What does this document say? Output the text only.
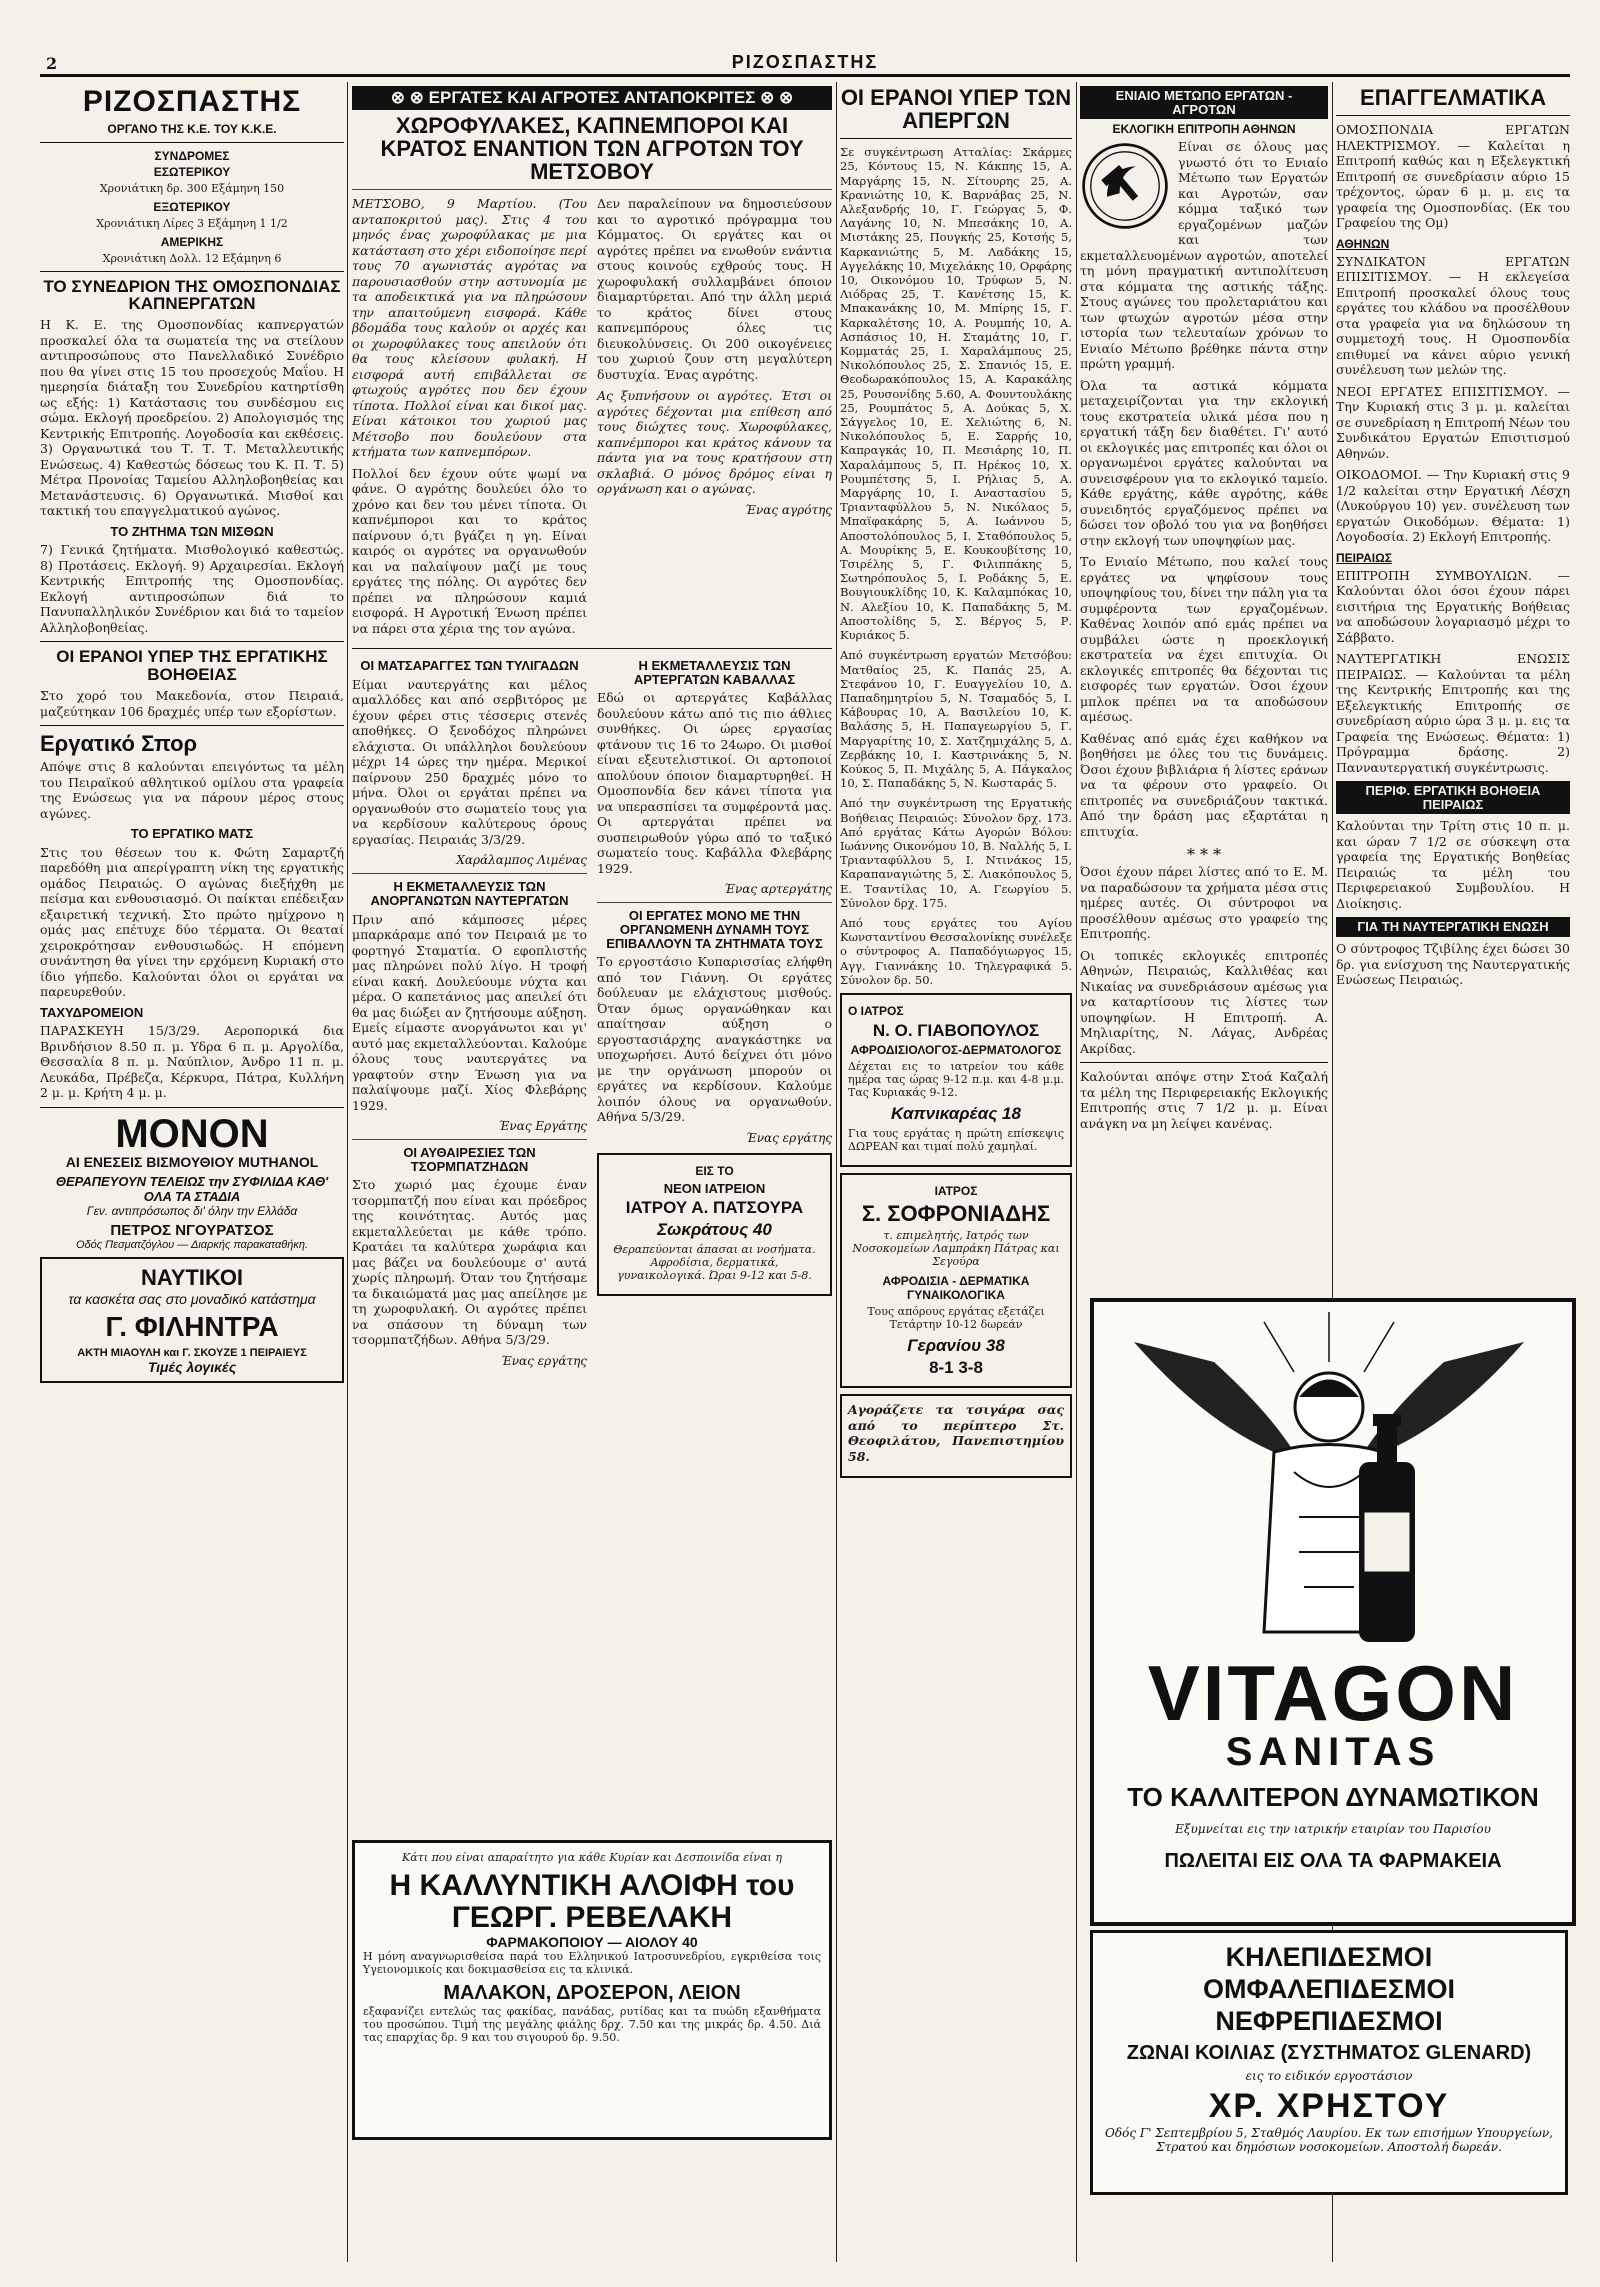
2	ΡΙΖΟΣΠΑΣΤΗΣ
ΡΙΖΟΣΠΑΣΤΗΣ
ΟΡΓΑΝΟ ΤΗΣ Κ.Ε. ΤΟΥ Κ.Κ.Ε.
ΣΥΝΔΡΟΜΕΣ
ΕΣΩΤΕΡΙΚΟΥ
Χρονιάτικη δρ. 300 Εξάμηνη 150
ΕΞΩΤΕΡΙΚΟΥ
Χρονιάτικη Λίρες 3 Εξάμηνη 1 1/2
ΑΜΕΡΙΚΗΣ
Χρονιάτικη Δολλ. 12 Εξάμηνη 6
ΤΟ ΣΥΝΕΔΡΙΟΝ ΤΗΣ ΟΜΟΣΠΟΝΔΙΑΣ ΚΑΠΝΕΡΓΑΤΩΝ

Η Κ. Ε. της Ομοσπονδίας καπνεργατών προσκαλεί όλα τα σωματεία της να στείλουν αντιπροσώπους στο Πανελλαδικό Συνέδριο που θα γίνει στις 15 του προσεχούς Μαΐου. Η ημερησία διάταξη του Συνεδρίου κατηρτίσθη ως εξής: 1) Κατάστασις του συνδέσμου εις σώμα. Εκλογή προεδρείου. 2) Απολογισμός της Κεντρικής Επιτροπής. Λογοδοσία και εκθέσεις. 3) Οργανωτικά του Τ. Τ. Τ. Μεταλλευτικής Ενώσεως. 4) Καθεστώς δόσεως του Κ. Π. Τ. 5) Μέτρα Προνοίας Ταμείου Αλληλοβοηθείας και Μετανάστευσις. 6) Οργανωτικά. Μισθοί και τακτική του επαγγελματικού αγώνος.

ΤΟ ΖΗΤΗΜΑ ΤΩΝ ΜΙΣΘΩΝ

7) Γενικά ζητήματα. Μισθολογικό καθεστώς. 8) Προτάσεις. Εκλογή. 9) Αρχαιρεσίαι. Εκλογή Κεντρικής Επιτροπής της Ομοσπονδίας. Εκλογή αντιπροσώπων διά το Πανυπαλληλικόν Συνέδριον και διά το ταμείον Αλληλοβοηθείας.

ΟΙ ΕΡΑΝΟΙ ΥΠΕΡ ΤΗΣ ΕΡΓΑΤΙΚΗΣ ΒΟΗΘΕΙΑΣ

Στο χορό του Μακεδονία, στον Πειραιά, μαζεύτηκαν 106 δραχμές υπέρ των εξορίστων.

Εργατικό Σπορ

Απόψε στις 8 καλούνται επειγόντως τα μέλη του Πειραϊκού αθλητικού ομίλου στα γραφεία της Ενώσεως για να πάρουν μέρος στους αγώνες.

ΤΟ ΕΡΓΑΤΙΚΟ ΜΑΤΣ

Στις του θέσεων του κ. Φώτη Σαμαρτζή παρεδόθη μια απερίγραπτη νίκη της εργατικής ομάδος Πειραιώς. Ο αγώνας διεξήχθη με πείσμα και ενθουσιασμό. Οι παίκται επέδειξαν εξαιρετική τεχνική. Στο πρώτο ημίχρονο η ομάς μας επέτυχε δύο τέρματα. Οι θεαταί χειροκρότησαν ενθουσιωδώς. Η επόμενη συνάντηση θα γίνει την ερχόμενη Κυριακή στο ίδιο γήπεδο. Καλούνται όλοι οι εργάται να παρευρεθούν.

ΤΑΧΥΔΡΟΜΕΙΟΝ

ΠΑΡΑΣΚΕΥΗ 15/3/29. Αεροπορικά δια Βρινδήσιον 8.50 π. μ. Υδρα 6 π. μ. Αργολίδα, Θεσσαλία 8 π. μ. Ναύπλιον, Άνδρο 11 π. μ. Λευκάδα, Πρέβεζα, Κέρκυρα, Πάτρα, Κυλλήνη 2 μ. μ. Κρήτη 4 μ. μ.

ΜΟΝΟΝ
ΑΙ ΕΝΕΣΕΙΣ ΒΙΣΜΟΥΘΙΟΥ MUTHANOL
ΘΕΡΑΠΕΥΟΥΝ ΤΕΛΕΙΩΣ την ΣΥΦΙΛΙΔΑ ΚΑΘ' ΟΛΑ ΤΑ ΣΤΑΔΙΑ
Γεν. αντιπρόσωπος δι' όλην την Ελλάδα
ΠΕΤΡΟΣ ΝΓΟΥΡΑΤΣΟΣ
Οδός Πεσματζόγλου — Διαρκής παρακαταθήκη.
ΝΑΥΤΙΚΟΙ
τα κασκέτα σας στο μοναδικό κατάστημα
Γ. ΦΙΛΗΝΤΡΑ
ΑΚΤΗ ΜΙΑΟΥΛΗ και Γ. ΣΚΟΥΖΕ 1 ΠΕΙΡΑΙΕΥΣ
Τιμές λογικές
⊗ ⊗ ΕΡΓΑΤΕΣ ΚΑΙ ΑΓΡΟΤΕΣ ΑΝΤΑΠΟΚΡΙΤΕΣ ⊗ ⊗
ΧΩΡΟΦΥΛΑΚΕΣ, ΚΑΠΝΕΜΠΟΡΟΙ ΚΑΙ ΚΡΑΤΟΣ ΕΝΑΝΤΙΟΝ ΤΩΝ ΑΓΡΟΤΩΝ ΤΟΥ ΜΕΤΣΟΒΟΥ

ΜΕΤΣΟΒΟ, 9 Μαρτίου. (Του ανταποκριτού μας). Στις 4 του μηνός ένας χωροφύλακας με μια κατάσταση στο χέρι ειδοποίησε περί τους 70 αγωνιστάς αγρότας να παρουσιασθούν στην αστυνομία με τα αποδεικτικά για να πληρώσουν την απαιτούμενη εισφορά. Κάθε βδομάδα τους καλούν οι αρχές και οι χωροφύλακες τους απειλούν ότι θα τους κλείσουν φυλακή. Η εισφορά αυτή επιβάλλεται σε φτωχούς αγρότες που δεν έχουν τίποτα. Πολλοί είναι και δικοί μας. Είναι κάτοικοι του χωριού μας Μέτσοβο που δουλεύουν στα κτήματα των καπνεμπόρων.

Πολλοί δεν έχουν ούτε ψωμί να φάνε. Ο αγρότης δουλεύει όλο το χρόνο και δεν του μένει τίποτα. Οι καπνέμποροι και το κράτος παίρνουν ό,τι βγάζει η γη. Είναι καιρός οι αγρότες να οργανωθούν και να παλαίψουν μαζί με τους εργάτες της πόλης. Οι αγρότες δεν πρέπει να πληρώσουν καμιά εισφορά. Η Αγροτική Ένωση πρέπει να πάρει στα χέρια της τον αγώνα.

Δεν παραλείπουν να δημοσιεύσουν και το αγροτικό πρόγραμμα του Κόμματος. Οι εργάτες και οι αγρότες πρέπει να ενωθούν ενάντια στους κοινούς εχθρούς τους. Η χωροφυλακή συλλαμβάνει όποιον διαμαρτύρεται. Από την άλλη μεριά το κράτος δίνει στους καπνεμπόρους όλες τις διευκολύνσεις. Οι 200 οικογένειες του χωριού ζουν στη μεγαλύτερη δυστυχία. Ένας αγρότης.

Ας ξυπνήσουν οι αγρότες. Έτσι οι αγρότες δέχονται μια επίθεση από τους διώχτες τους. Χωροφύλακες, καπνέμποροι και κράτος κάνουν τα πάντα για να τους κρατήσουν στη σκλαβιά. Ο μόνος δρόμος είναι η οργάνωση και ο αγώνας.

Ένας αγρότης
ΟΙ ΜΑΤΣΑΡΑΓΓΕΣ ΤΩΝ ΤΥΛΙΓΑΔΩΝ

Είμαι ναυτεργάτης και μέλος αμαλλόδες και από σερβιτόρος με έχουν φέρει στις τέσσερις στενές αποθήκες. Ο ξενοδόχος πληρώνει ελάχιστα. Οι υπάλληλοι δουλεύουν μέχρι 14 ώρες την ημέρα. Μερικοί παίρνουν 250 δραχμές μόνο το μήνα. Όλοι οι εργάται πρέπει να οργανωθούν στο σωματείο τους για να κερδίσουν καλύτερους όρους εργασίας. Πειραιάς 3/3/29.

Χαράλαμπος Λιμένας
Η ΕΚΜΕΤΑΛΛΕΥΣΙΣ ΤΩΝ ΑΝΟΡΓΑΝΩΤΩΝ ΝΑΥΤΕΡΓΑΤΩΝ

Πριν από κάμποσες μέρες μπαρκάραμε από τον Πειραιά με το φορτηγό Σταματία. Ο εφοπλιστής μας πληρώνει πολύ λίγο. Η τροφή είναι κακή. Δουλεύουμε νύχτα και μέρα. Ο καπετάνιος μας απειλεί ότι θα μας διώξει αν ζητήσουμε αύξηση. Εμείς είμαστε ανοργάνωτοι και γι' αυτό μας εκμεταλλεύονται. Καλούμε όλους τους ναυτεργάτες να γραφτούν στην Ένωση για να παλαίψουμε μαζί. Χίος Φλεβάρης 1929.

Ένας Εργάτης
ΟΙ ΑΥΘΑΙΡΕΣΙΕΣ ΤΩΝ ΤΣΟΡΜΠΑΤΖΗΔΩΝ

Στο χωριό μας έχουμε έναν τσορμπατζή που είναι και πρόεδρος της κοινότητας. Αυτός μας εκμεταλλεύεται με κάθε τρόπο. Κρατάει τα καλύτερα χωράφια και μας βάζει να δουλεύουμε σ' αυτά χωρίς πληρωμή. Όταν του ζητήσαμε τα δικαιώματά μας μας απείλησε με τη χωροφυλακή. Οι αγρότες πρέπει να σπάσουν τη δύναμη των τσορμπατζήδων. Αθήνα 5/3/29.

Ένας εργάτης
Η ΕΚΜΕΤΑΛΛΕΥΣΙΣ ΤΩΝ ΑΡΤΕΡΓΑΤΩΝ ΚΑΒΑΛΛΑΣ

Εδώ οι αρτεργάτες Καβάλλας δουλεύουν κάτω από τις πιο άθλιες συνθήκες. Οι ώρες εργασίας φτάνουν τις 16 το 24ωρο. Οι μισθοί είναι εξευτελιστικοί. Οι αρτοποιοί απολύουν όποιον διαμαρτυρηθεί. Η Ομοσπονδία δεν κάνει τίποτα για να υπερασπίσει τα συμφέροντά μας. Οι αρτεργάται πρέπει να συσπειρωθούν γύρω από το ταξικό σωματείο τους. Καβάλλα Φλεβάρης 1929.

Ένας αρτεργάτης
ΟΙ ΕΡΓΑΤΕΣ ΜΟΝΟ ΜΕ ΤΗΝ ΟΡΓΑΝΩΜΕΝΗ ΔΥΝΑΜΗ ΤΟΥΣ ΕΠΙΒΑΛΛΟΥΝ ΤΑ ΖΗΤΗΜΑΤΑ ΤΟΥΣ

Το εργοστάσιο Κυπαρισσίας ελήφθη από τον Γιάννη. Οι εργάτες δούλευαν με ελάχιστους μισθούς. Όταν όμως οργανώθηκαν και απαίτησαν αύξηση ο εργοστασιάρχης αναγκάστηκε να υποχωρήσει. Αυτό δείχνει ότι μόνο με την οργάνωση μπορούν οι εργάτες να κερδίσουν. Καλούμε λοιπόν όλους να οργανωθούν. Αθήνα 5/3/29.

Ένας εργάτης
ΕΙΣ ΤΟ
ΝΕΟΝ ΙΑΤΡΕΙΟΝ
ΙΑΤΡΟΥ Α. ΠΑΤΣΟΥΡΑ
Σωκράτους 40
Θεραπεύονται άπασαι αι νοσήματα. Αφροδίσια, δερματικά, γυναικολογικά. Ώραι 9-12 και 5-8.
Κάτι που είναι απαραίτητο για κάθε Κυρίαν και Δεσποινίδα είναι η
Η ΚΑΛΛΥΝΤΙΚΗ ΑΛΟΙΦΗ του ΓΕΩΡΓ. ΡΕΒΕΛΑΚΗ
ΦΑΡΜΑΚΟΠΟΙΟΥ — ΑΙΟΛΟΥ 40
Η μόνη αναγνωρισθείσα παρά του Ελληνικού Ιατροσυνεδρίου, εγκριθείσα τοις Υγειονομικοίς και δοκιμασθείσα εις τα κλινικά.
ΜΑΛΑΚΟΝ, ΔΡΟΣΕΡΟΝ, ΛΕΙΟΝ
εξαφανίζει εντελώς τας φακίδας, πανάδας, ρυτίδας και τα πυώδη εξανθήματα του προσώπου. Τιμή της μεγάλης φιάλης δρχ. 7.50 και της μικράς δρ. 4.50. Διά τας επαρχίας δρ. 9 και του σιγουρού δρ. 9.50.
ΟΙ ΕΡΑΝΟΙ ΥΠΕΡ ΤΩΝ ΑΠΕΡΓΩΝ

Σε συγκέντρωση Ατταλίας: Σκάρμες 25, Κόντους 15, Ν. Κάκπης 15, Α. Μαργάρης 15, Ν. Σίτουρης 25, Α. Κρανιώτης 10, Κ. Βαρνάβας 25, Ν. Αλεξανδρής 10, Γ. Γεώργας 5, Φ. Λαγάνης 10, Ν. Μπεσάκης 10, Α. Μιστάκης 25, Πουγκής 25, Κοτσής 5, Καρκανιώτης 5, Μ. Λαδάκης 15, Αγγελάκης 10, Μιχελάκης 10, Ορφάρης 10, Οικονόμου 10, Τρύφων 5, Ν. Λιόδρας 25, Τ. Κανέτσης 15, Κ. Μπακανάκης 10, Μ. Μπίρης 15, Γ. Καρκαλέτσης 10, Α. Ρουμπής 10, Α. Ασπάσιος 10, Η. Σταμάτης 10, Γ. Κομματάς 25, Ι. Χαραλάμπους 25, Νικολόπουλος 25, Σ. Σπανιός 15, Ε. Θεοδωρακόπουλος 15, Α. Καρακάλης 25, Ρουσονίδης 5.60, Α. Φουντουλάκης 25, Ρουμπάτος 5, Α. Δούκας 5, Χ. Σάγγελος 10, Ε. Χελιώτης 6, Ν. Νικολόπουλος 5, Ε. Σαρρής 10, Καπραγκάς 10, Π. Μεσιάρης 10, Π. Χαραλάμπους 5, Π. Ηρέκος 10, Χ. Ρουμπέτσης 5, Ι. Ρήλιας 5, Α. Μαργάρης 10, Ι. Αναστασίου 5, Τριανταφύλλου 5, Ν. Νικόλαος 5, Μπαϊφακάρης 5, Α. Ιωάννου 5, Αποστολόπουλος 5, Ι. Σταθόπουλος 5, Α. Μουρίκης 5, Ε. Κουκουβίτσης 10, Τσιρέλης 5, Γ. Φιλιππάκης 5, Σωτηρόπουλος 5, Ι. Ροδάκης 5, Ε. Βουγιουκλίδης 10, Κ. Καλαμπόκας 10, Ν. Αλεξίου 10, Κ. Παπαδάκης 5, Μ. Αποστολίδης 5, Σ. Βέργος 5, Ρ. Κυριάκος 5.

Από συγκέντρωση εργατών Μετσόβου: Ματθαίος 25, Κ. Παπάς 25, Α. Στεφάνου 10, Γ. Ευαγγελίου 10, Δ. Παπαδημητρίου 5, Ν. Τσαμαδός 5, Ι. Κάβουρας 10, Α. Βασιλείου 10, Κ. Βαλάσης 5, Η. Παπαγεωργίου 5, Γ. Μαργαρίτης 10, Σ. Χατζημιχάλης 5, Δ. Ζερβάκης 10, Ι. Καστρινάκης 5, Ν. Κούκος 5, Π. Μιχάλης 5, Α. Πάγκαλος 10, Σ. Παπαδάκης 5, Ν. Κωσταράς 5.

Από την συγκέντρωση της Εργατικής Βοήθειας Πειραιώς: Σύνολον δρχ. 173. Από εργάτας Κάτω Αγορών Βόλου: Ιωάννης Οικονόμου 10, Β. Ναλλής 5, Ι. Τριανταφύλλου 5, Ι. Ντινάκος 15, Καραπαναγιώτης 5, Σ. Λιακόπουλος 5, Ε. Τσαντίλας 10, Α. Γεωργίου 5. Σύνολον δρχ. 175.

Από τους εργάτες του Αγίου Κωνσταντίνου Θεσσαλονίκης συνέλεξε ο σύντροφος Α. Παπαδόγιωργος 15, Αγγ. Γιαννάκης 10. Τηλεγραφικά 5. Σύνολον δρ. 50.

Ο ΙΑΤΡΟΣ
Ν. Ο. ΓΙΑΒΟΠΟΥΛΟΣ
ΑΦΡΟΔΙΣΙΟΛΟΓΟΣ-ΔΕΡΜΑΤΟΛΟΓΟΣ
Δέχεται εις το ιατρείον του κάθε ημέρα τας ώρας 9-12 π.μ. και 4-8 μ.μ. Τας Κυριακάς 9-12.
Καπνικαρέας 18
Για τους εργάτας η πρώτη επίσκεψις ΔΩΡΕΑΝ και τιμαί πολύ χαμηλαί.
ΙΑΤΡΟΣ
Σ. ΣΟΦΡΟΝΙΑΔΗΣ
τ. επιμελητής, Ιατρός των Νοσοκομείων Λαμπράκη Πάτρας και Σεγούρα
ΑΦΡΟΔΙΣΙΑ - ΔΕΡΜΑΤΙΚΑ ΓΥΝΑΙΚΟΛΟΓΙΚΑ
Τους απόρους εργάτας εξετάζει Τετάρτην 10-12 δωρεάν
Γερανίου 38
8-1 3-8
Αγοράζετε τα τσιγάρα σας από το περίπτερο Στ. Θεοφιλάτου, Πανεπιστημίου 58.
ΕΝΙΑΙΟ ΜΕΤΩΠΟ ΕΡΓΑΤΩΝ - ΑΓΡΟΤΩΝ
ΕΚΛΟΓΙΚΗ ΕΠΙΤΡΟΠΗ ΑΘΗΝΩΝ

Είναι σε όλους μας γνωστό ότι το Ενιαίο Μέτωπο των Εργατών και Αγροτών, σαν κόμμα ταξικό των εργαζομένων μαζών και των εκμεταλλευομένων αγροτών, αποτελεί τη μόνη πραγματική αντιπολίτευση στα κόμματα της αστικής τάξης. Στους αγώνες του προλεταριάτου και των φτωχών αγροτών μέσα στην ιστορία των τελευταίων χρόνων το Ενιαίο Μέτωπο βρέθηκε πάντα στην πρώτη γραμμή.

Όλα τα αστικά κόμματα μεταχειρίζονται για την εκλογική τους εκστρατεία υλικά μέσα που η εργατική τάξη δεν διαθέτει. Γι' αυτό οι εκλογικές μας επιτροπές και όλοι οι οργανωμένοι εργάτες καλούνται να συνεισφέρουν για το εκλογικό ταμείο. Κάθε εργάτης, κάθε αγρότης, κάθε συνειδητός εργαζόμενος πρέπει να δώσει τον οβολό του για να βοηθήσει στην εκλογή των υποψηφίων μας.

Το Ενιαίο Μέτωπο, που καλεί τους εργάτες να ψηφίσουν τους υποψηφίους του, δίνει την πάλη για τα συμφέροντα των εργαζομένων. Καθένας λοιπόν από εμάς πρέπει να συμβάλει ώστε η προεκλογική εκστρατεία να έχει επιτυχία. Οι εκλογικές επιτροπές θα δέχονται τις εισφορές των εργατών. Όσοι έχουν μπλοκ πρέπει να τα αποδώσουν αμέσως.

Καθένας από εμάς έχει καθήκον να βοηθήσει με όλες του τις δυνάμεις. Όσοι έχουν βιβλιάρια ή λίστες εράνων να τα φέρουν στο γραφείο. Οι επιτροπές να συνεδριάζουν τακτικά. Από την δράση μας εξαρτάται η επιτυχία.

* * *

Όσοι έχουν πάρει λίστες από το Ε. Μ. να παραδώσουν τα χρήματα μέσα στις ημέρες αυτές. Οι σύντροφοι να προσέλθουν αμέσως στο γραφείο της Επιτροπής.

Οι τοπικές εκλογικές επιτροπές Αθηνών, Πειραιώς, Καλλιθέας και Νικαίας να συνεδριάσουν αμέσως για να καταρτίσουν τις λίστες των υποψηφίων. Η Επιτροπή. Α. Μηλιαρίτης, Ν. Λάγας, Ανδρέας Ακρίδας.

Καλούνται απόψε στην Στοά Καζαλή τα μέλη της Περιφερειακής Εκλογικής Επιτροπής στις 7 1/2 μ. μ. Είναι ανάγκη να μη λείψει κανένας.

ΕΠΑΓΓΕΛΜΑΤΙΚΑ

ΟΜΟΣΠΟΝΔΙΑ ΕΡΓΑΤΩΝ ΗΛΕΚΤΡΙΣΜΟΥ. — Καλείται η Επιτροπή καθώς και η Εξελεγκτική Επιτροπή σε συνεδρίασιν αύριο 15 τρέχοντος, ώραν 6 μ. μ. εις τα γραφεία της Ομοσπονδίας. (Εκ του Γραφείου της Ομ)

ΑΘΗΝΩΝ

ΣΥΝΔΙΚΑΤΟΝ ΕΡΓΑΤΩΝ ΕΠΙΣΙΤΙΣΜΟΥ. — Η εκλεγείσα Επιτροπή προσκαλεί όλους τους εργάτες του κλάδου να προσέλθουν στα γραφεία για να δηλώσουν τη συμμετοχή τους. Η Ομοσπονδία επιθυμεί να κάνει αύριο γενική συνέλευση των μελών της.

ΝΕΟΙ ΕΡΓΑΤΕΣ ΕΠΙΣΙΤΙΣΜΟΥ. — Την Κυριακή στις 3 μ. μ. καλείται σε συνεδρίαση η Επιτροπή Νέων του Συνδικάτου Εργατών Επισιτισμού Αθηνών.

ΟΙΚΟΔΟΜΟΙ. — Την Κυριακή στις 9 1/2 καλείται στην Εργατική Λέσχη (Λυκούργου 10) γεν. συνέλευση των εργατών Οικοδόμων. Θέματα: 1) Λογοδοσία. 2) Εκλογή Επιτροπής.

ΠΕΙΡΑΙΩΣ

ΕΠΙΤΡΟΠΗ ΣΥΜΒΟΥΛΙΩΝ. — Καλούνται όλοι όσοι έχουν πάρει εισιτήρια της Εργατικής Βοήθειας να αποδώσουν λογαριασμό μέχρι το Σάββατο.

ΝΑΥΤΕΡΓΑΤΙΚΗ ΕΝΩΣΙΣ ΠΕΙΡΑΙΩΣ. — Καλούνται τα μέλη της Κεντρικής Επιτροπής και της Εξελεγκτικής Επιτροπής σε συνεδρίαση αύριο ώρα 3 μ. μ. εις τα Γραφεία της Ενώσεως. Θέματα: 1) Πρόγραμμα δράσης. 2) Πανναυτεργατική συγκέντρωσις.

ΠΕΡΙΦ. ΕΡΓΑΤΙΚΗ ΒΟΗΘΕΙΑ ΠΕΙΡΑΙΩΣ

Καλούνται την Τρίτη στις 10 π. μ. και ώραν 7 1/2 σε σύσκεψη στα γραφεία της Εργατικής Βοηθείας Πειραιώς τα μέλη του Περιφερειακού Συμβουλίου. Η Διοίκησις.

ΓΙΑ ΤΗ ΝΑΥΤΕΡΓΑΤΙΚΗ ΕΝΩΣΗ

Ο σύντροφος Τζιβίλης έχει δώσει 30 δρ. για ενίσχυση της Ναυτεργατικής Ενώσεως Πειραιώς.

VITAGON
SANITAS
ΤΟ ΚΑΛΛΙΤΕΡΟΝ ΔΥΝΑΜΩΤΙΚΟΝ
Εξυμνείται εις την ιατρικήν εταιρίαν του Παρισίου
ΠΩΛΕΙΤΑΙ ΕΙΣ ΟΛΑ ΤΑ ΦΑΡΜΑΚΕΙΑ
ΚΗΛΕΠΙΔΕΣΜΟΙ
ΟΜΦΑΛΕΠΙΔΕΣΜΟΙ
ΝΕΦΡΕΠΙΔΕΣΜΟΙ
ΖΩΝΑΙ ΚΟΙΛΙΑΣ (ΣΥΣΤΗΜΑΤΟΣ GLENARD)
εις το ειδικόν εργοστάσιον
ΧΡ. ΧΡΗΣΤΟΥ
Οδός Γ' Σεπτεμβρίου 5, Σταθμός Λαυρίου. Εκ των επισήμων Υπουργείων, Στρατού και δημόσιων νοσοκομείων. Αποστολή δωρεάν.
